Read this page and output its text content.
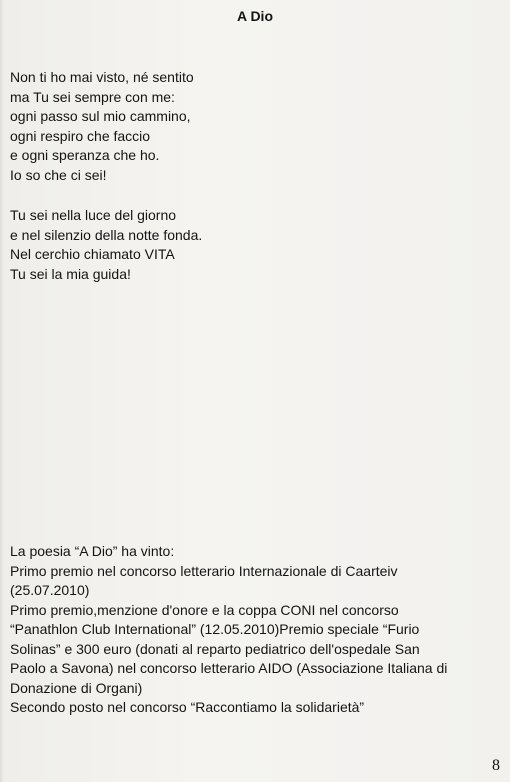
A Dio
Non ti ho mai visto, né sentito
ma Tu sei sempre con me:
ogni passo sul mio cammino,
ogni respiro che faccio
e ogni speranza che ho.
Io so che ci sei!
Tu sei nella luce del giorno
e nel silenzio della notte fonda.
Nel cerchio chiamato VITA
Tu sei la mia guida!
La poesia “A Dio” ha vinto:
Primo premio nel concorso letterario Internazionale di Caarteiv
(25.07.2010)
Primo premio,menzione d'onore e la coppa CONI nel concorso
“Panathlon Club International” (12.05.2010)Premio speciale “Furio
Solinas” e 300 euro (donati al reparto pediatrico dell'ospedale San
Paolo a Savona) nel concorso letterario AIDO (Associazione Italiana di
Donazione di Organi)
Secondo posto nel concorso “Raccontiamo la solidarietà”
8
